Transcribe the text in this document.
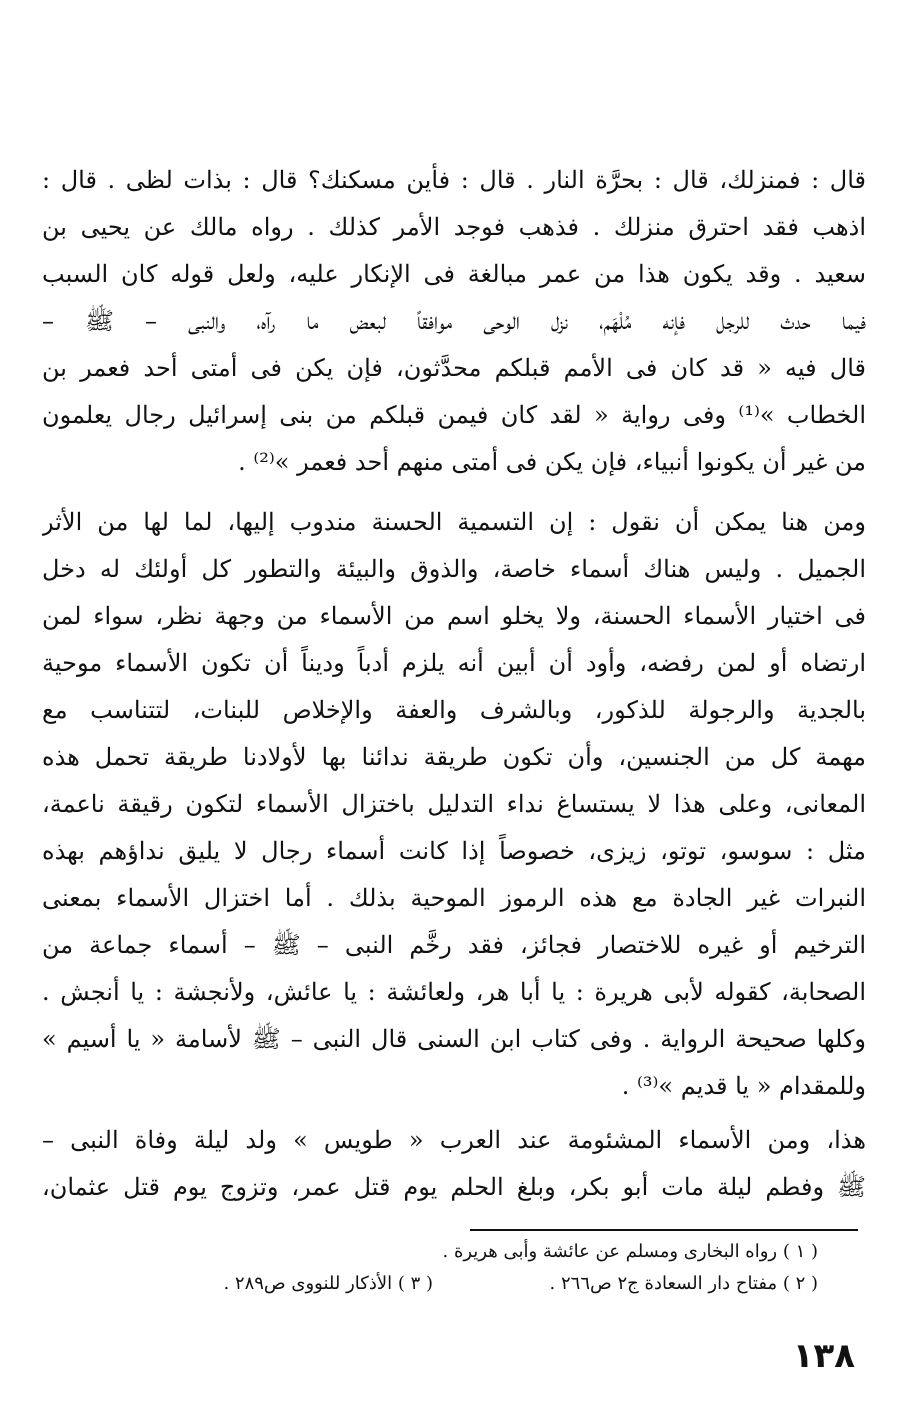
قال : فمنزلك، قال : بحرَّة النار . قال : فأين مسكنك؟ قال : بذات لظى . قال :
اذهب فقد احترق منزلك . فذهب فوجد الأمر كذلك . رواه مالك عن يحيى بن
سعيد . وقد يكون هذا من عمر مبالغة فى الإنكار عليه، ولعل قوله كان السبب
فيما حدث للرجل فإنه مُلْهَم، نزل الوحى موافقاً لبعض ما رآه، والنبى – ﷺ –
قال فيه « قد كان فى الأمم قبلكم محدَّثون، فإن يكن فى أمتى أحد فعمر بن
الخطاب »⁽¹⁾ وفى رواية « لقد كان فيمن قبلكم من بنى إسرائيل رجال يعلمون
من غير أن يكونوا أنبياء، فإن يكن فى أمتى منهم أحد فعمر »⁽²⁾ .
ومن هنا يمكن أن نقول : إن التسمية الحسنة مندوب إليها، لما لها من الأثر
الجميل . وليس هناك أسماء خاصة، والذوق والبيئة والتطور كل أولئك له دخل
فى اختيار الأسماء الحسنة، ولا يخلو اسم من الأسماء من وجهة نظر، سواء لمن
ارتضاه أو لمن رفضه، وأود أن أبين أنه يلزم أدباً وديناً أن تكون الأسماء موحية
بالجدية والرجولة للذكور، وبالشرف والعفة والإخلاص للبنات، لتتناسب مع
مهمة كل من الجنسين، وأن تكون طريقة ندائنا بها لأولادنا طريقة تحمل هذه
المعانى، وعلى هذا لا يستساغ نداء التدليل باختزال الأسماء لتكون رقيقة ناعمة،
مثل : سوسو، توتو، زيزى، خصوصاً إذا كانت أسماء رجال لا يليق نداؤهم بهذه
النبرات غير الجادة مع هذه الرموز الموحية بذلك . أما اختزال الأسماء بمعنى
الترخيم أو غيره للاختصار فجائز، فقد رخَّم النبى – ﷺ – أسماء جماعة من
الصحابة، كقوله لأبى هريرة : يا أبا هر، ولعائشة : يا عائش، ولأنجشة : يا أنجش .
وكلها صحيحة الرواية . وفى كتاب ابن السنى قال النبى – ﷺ لأسامة « يا أسيم »
وللمقدام « يا قديم »⁽³⁾ .
هذا، ومن الأسماء المشئومة عند العرب « طويس » ولد ليلة وفاة النبى –
ﷺ وفطم ليلة مات أبو بكر، وبلغ الحلم يوم قتل عمر، وتزوج يوم قتل عثمان،
( ١ ) رواه البخارى ومسلم عن عائشة وأبى هريرة .
( ٢ ) مفتاح دار السعادة ج٢ ص٢٦٦ .
( ٣ ) الأذكار للنووى ص٢٨٩ .
١٣٨
